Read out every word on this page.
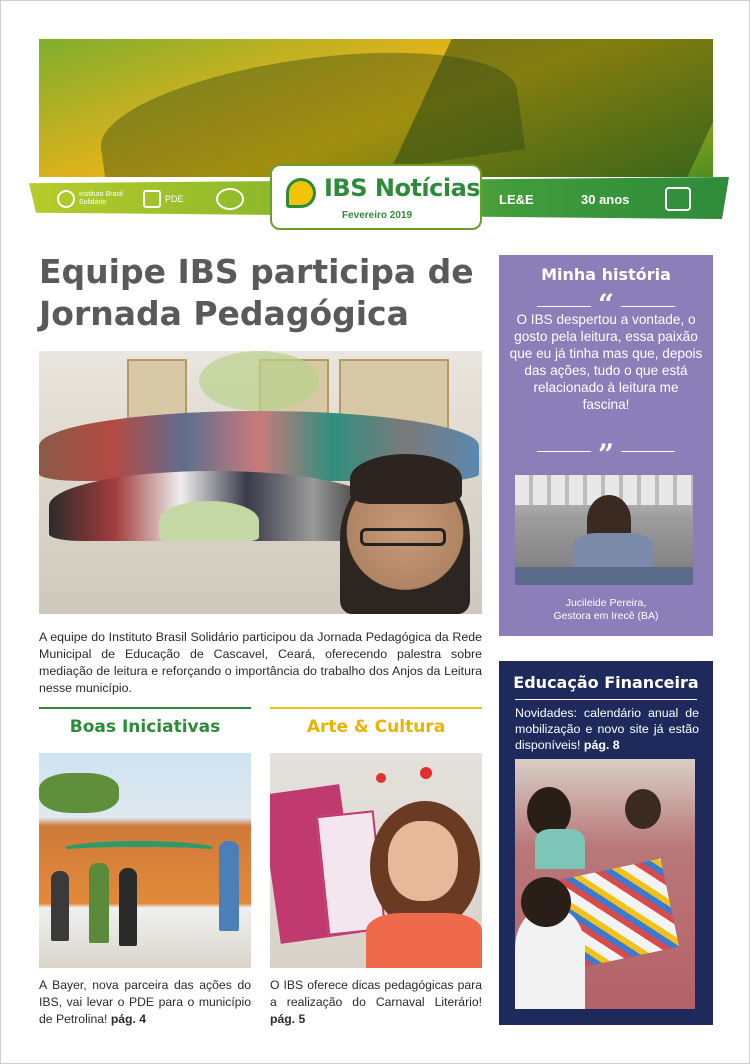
Instituto Brasil Solidário	PDE	LE&E	30 anos
IBS Notícias
Fevereiro 2019
Equipe IBS participa de Jornada Pedagógica

A equipe do Instituto Brasil Solidário participou da Jornada Pedagógica da Rede Municipal de Educação de Cascavel, Ceará, oferecendo palestra sobre mediação de leitura e reforçando o importância do trabalho dos Anjos da Leitura nesse município.

Boas Iniciativas

A Bayer, nova parceira das ações do IBS, vai levar o PDE para o município de Petrolina! pág. 4

Arte & Cultura

O IBS oferece dicas pedagógicas para a realização do Carnaval Literário! pág. 5

Minha história
“

O IBS despertou a vontade, o gosto pela leitura, essa paixão que eu já tinha mas que, depois das ações, tudo o que está relacionado à leitura me fascina!

”
Jucileide Pereira,
Gestora em Irecê (BA)
Educação Financeira

Novidades: calendário anual de mobilização e novo site já estão disponíveis! pág. 8
